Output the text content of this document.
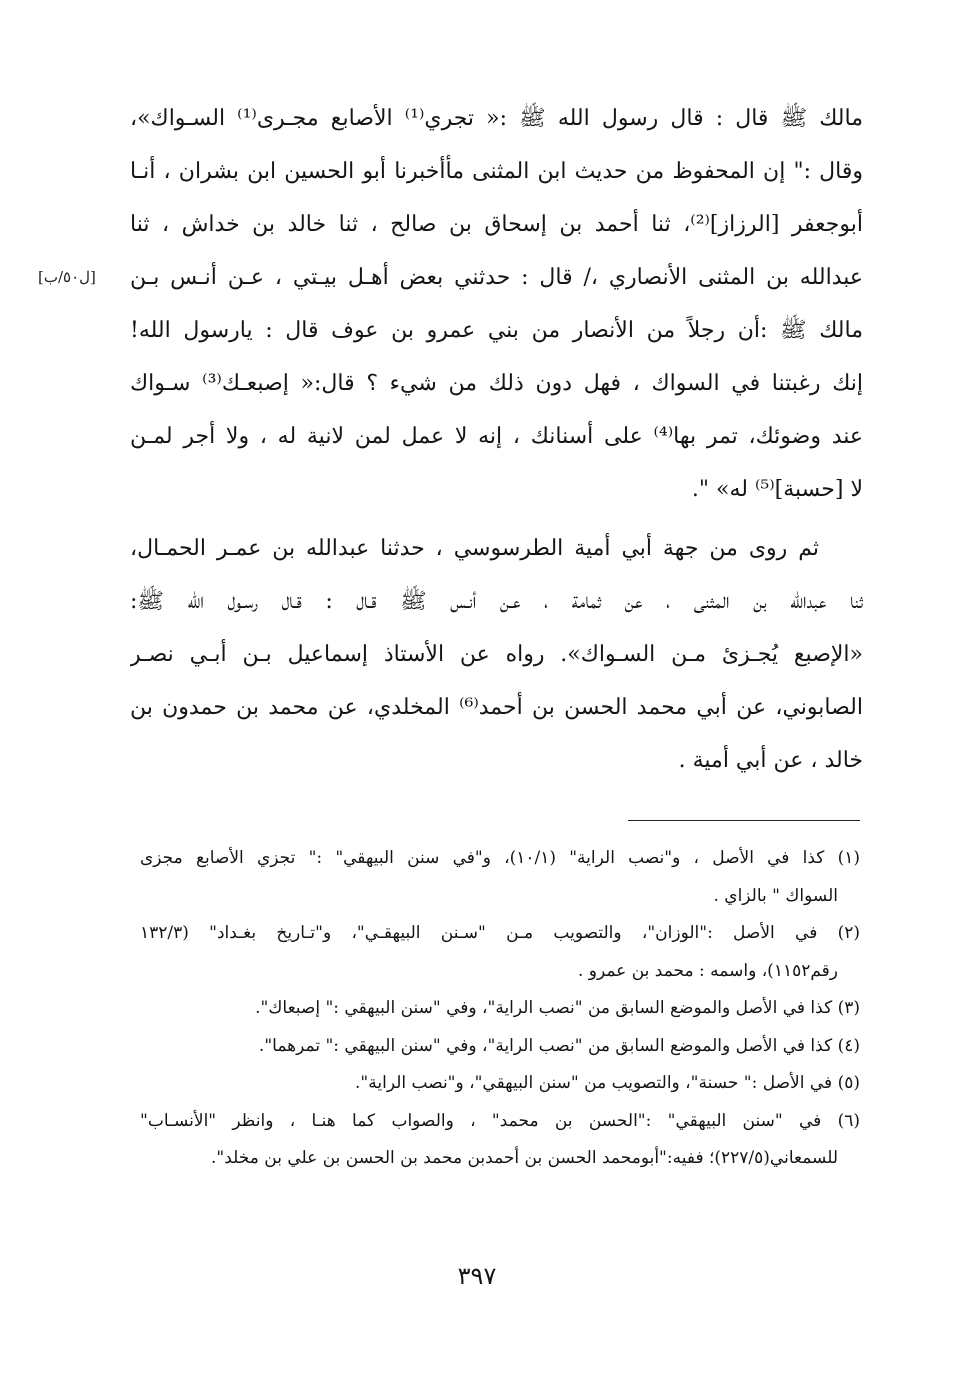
[ل٥٠/ب]
مالك ﷺ قال : قال رسول الله ﷺ :« تجري⁽¹⁾ الأصابع مجـرى⁽¹⁾ السـواك»،
وقال :" إن المحفوظ من حديث ابن المثنى مأأخبرنا أبو الحسين ابن بشران ، أنـا
أبوجعفر [الرزاز]⁽²⁾، ثنا أحمد بن إسحاق بن صالح ، ثنا خالد بن خداش ، ثنا
عبدالله بن المثنى الأنصاري ،/ قال : حدثني بعض أهـل بيـتي ، عـن أنـس بـن
مالك ﷺ :أن رجلاً من الأنصار من بني عمرو بن عوف قال : يارسول الله!
إنك رغبتنا في السواك ، فهل دون ذلك من شيء ؟ قال:« إصبعـك⁽³⁾ سـواك
عند وضوئك، تمر بها⁽⁴⁾ على أسنانك ، إنه لا عمل لمن لانية له ، ولا أجر لمـن
لا [حسبة]⁽⁵⁾ له» ".
ثم روى من جهة أبي أمية الطرسوسي ، حدثنا عبدالله بن عمـر الحمـال،
ثنا عبدالله بن المثنى ، عن ثمامة ، عـن أنـس ﷺ قـال : قـال رسـول الله ﷺ:
«الإصبع يُجـزئ مـن السـواك». رواه عن الأستاذ إسماعيل بـن أبـي نصـر
الصابوني، عن أبي محمد الحسن بن أحمد⁽⁶⁾ المخلدي، عن محمد بن حمدون بن
خالد ، عن أبي أمية .
(١) كذا في الأصل ، و"نصب الراية" (١٠/١)، و"في سنن البيهقي" :" تجزي الأصابع مجزى
السواك " بالزاي .
(٢) في الأصل :"الوزان"، والتصويب مـن "سـنن البيهقـي"، و"تـاريخ بغـداد" (١٣٢/٣
رقم١١٥٢)، واسمه : محمد بن عمرو .
(٣) كذا في الأصل والموضع السابق من "نصب الراية"، وفي "سنن البيهقي :" إصبعاك".
(٤) كذا في الأصل والموضع السابق من "نصب الراية"، وفي "سنن البيهقي :" تمرهما".
(٥) في الأصل :" حسنة"، والتصويب من "سنن البيهقي"، و"نصب الراية".
(٦) في "سنن البيهقي" :"الحسن بن محمد" ، والصواب كما هنـا ، وانظر "الأنسـاب"
للسمعاني(٢٢٧/٥)؛ ففيه:"أبومحمد الحسن بن أحمدبن محمد بن الحسن بن علي بن مخلد".
٣٩٧
